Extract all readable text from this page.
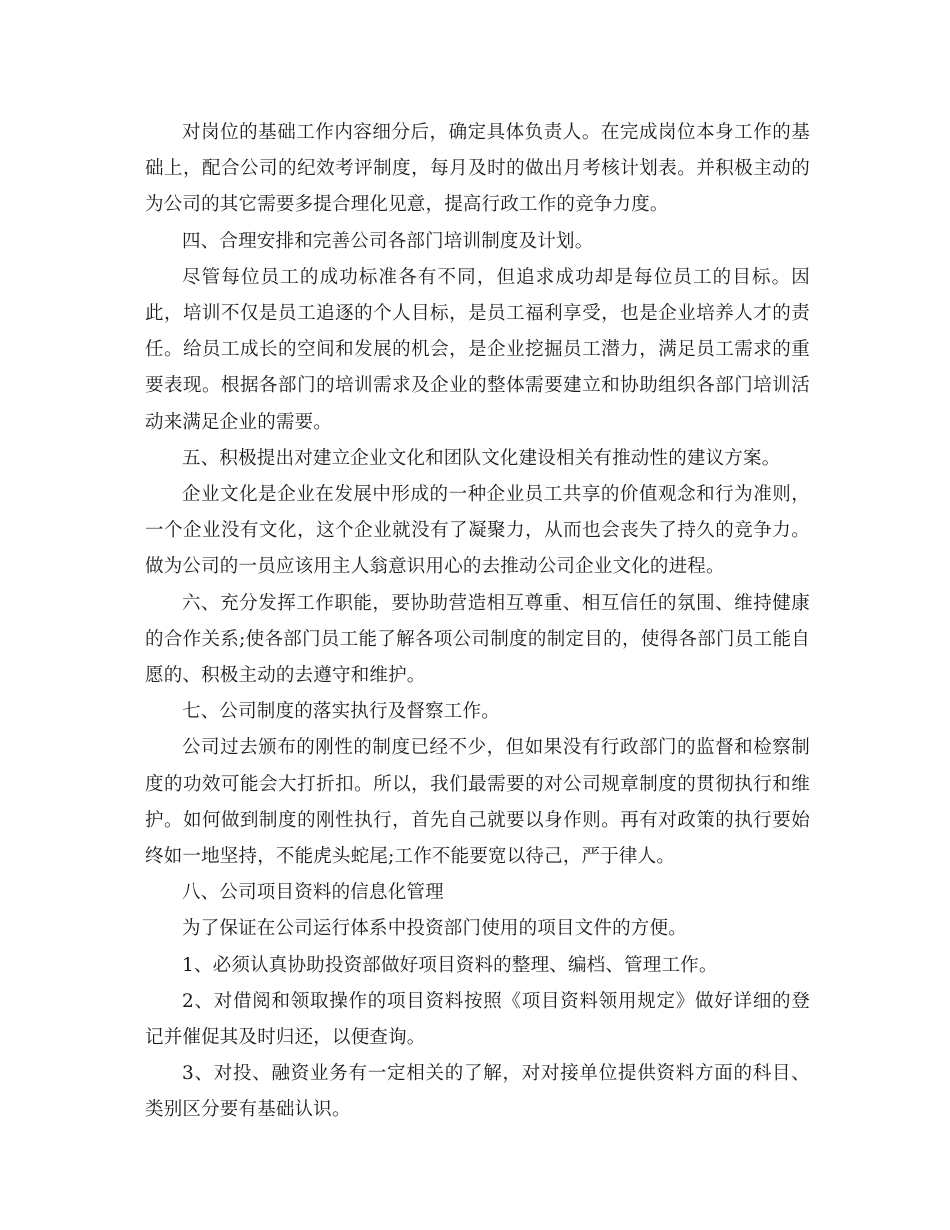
对岗位的基础工作内容细分后，确定具体负责人。在完成岗位本身工作的基础上，配合公司的纪效考评制度，每月及时的做出月考核计划表。并积极主动的为公司的其它需要多提合理化见意，提高行政工作的竞争力度。

四、合理安排和完善公司各部门培训制度及计划。

尽管每位员工的成功标准各有不同，但追求成功却是每位员工的目标。因此，培训不仅是员工追逐的个人目标，是员工福利享受，也是企业培养人才的责任。给员工成长的空间和发展的机会，是企业挖掘员工潜力，满足员工需求的重要表现。根据各部门的培训需求及企业的整体需要建立和协助组织各部门培训活动来满足企业的需要。

五、积极提出对建立企业文化和团队文化建设相关有推动性的建议方案。

企业文化是企业在发展中形成的一种企业员工共享的价值观念和行为准则，一个企业没有文化，这个企业就没有了凝聚力，从而也会丧失了持久的竞争力。做为公司的一员应该用主人翁意识用心的去推动公司企业文化的进程。

六、充分发挥工作职能，要协助营造相互尊重、相互信任的氛围、维持健康的合作关系;使各部门员工能了解各项公司制度的制定目的，使得各部门员工能自愿的、积极主动的去遵守和维护。

七、公司制度的落实执行及督察工作。

公司过去颁布的刚性的制度已经不少，但如果没有行政部门的监督和检察制度的功效可能会大打折扣。所以，我们最需要的对公司规章制度的贯彻执行和维护。如何做到制度的刚性执行，首先自己就要以身作则。再有对政策的执行要始终如一地坚持，不能虎头蛇尾;工作不能要宽以待己，严于律人。

八、公司项目资料的信息化管理

为了保证在公司运行体系中投资部门使用的项目文件的方便。

1、必须认真协助投资部做好项目资料的整理、编档、管理工作。

2、对借阅和领取操作的项目资料按照《项目资料领用规定》做好详细的登记并催促其及时归还，以便查询。

3、对投、融资业务有一定相关的了解，对对接单位提供资料方面的科目、类别区分要有基础认识。
